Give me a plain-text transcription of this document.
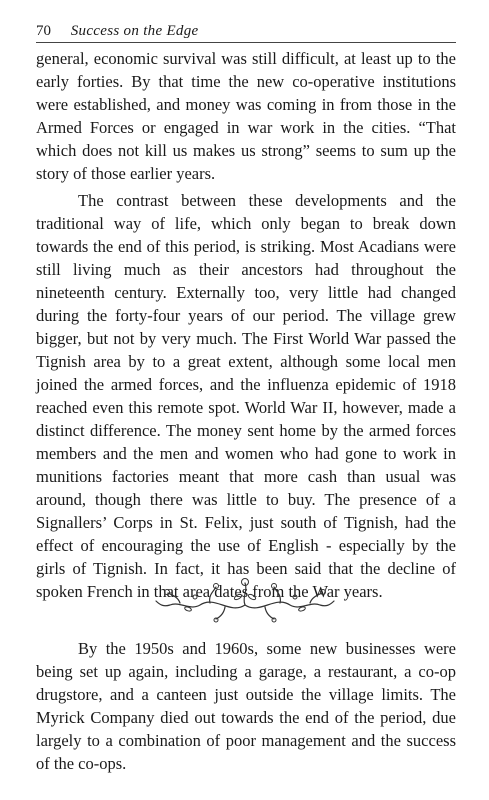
70 Success on the Edge

general, economic survival was still difficult, at least up to the early forties. By that time the new co-operative institutions were established, and money was coming in from those in the Armed Forces or engaged in war work in the cities. “That which does not kill us makes us strong” seems to sum up the story of those earlier years.

The contrast between these developments and the traditional way of life, which only began to break down towards the end of this period, is striking. Most Acadians were still living much as their ancestors had throughout the nineteenth century. Externally too, very little had changed during the forty-four years of our period. The village grew bigger, but not by very much. The First World War passed the Tignish area by to a great extent, although some local men joined the armed forces, and the influenza epidemic of 1918 reached even this remote spot. World War II, however, made a distinct difference. The money sent home by the armed forces members and the men and women who had gone to work in munitions factories meant that more cash than usual was around, though there was little to buy. The presence of a Signallers’ Corps in St. Felix, just south of Tignish, had the effect of encouraging the use of English - especially by the girls of Tignish. In fact, it has been said that the decline of spoken French in that area dates from the War years.

By the 1950s and 1960s, some new businesses were being set up again, including a garage, a restaurant, a co-op drugstore, and a canteen just outside the village limits. The Myrick Company died out towards the end of the period, due largely to a combination of poor management and the success of the co-ops.
